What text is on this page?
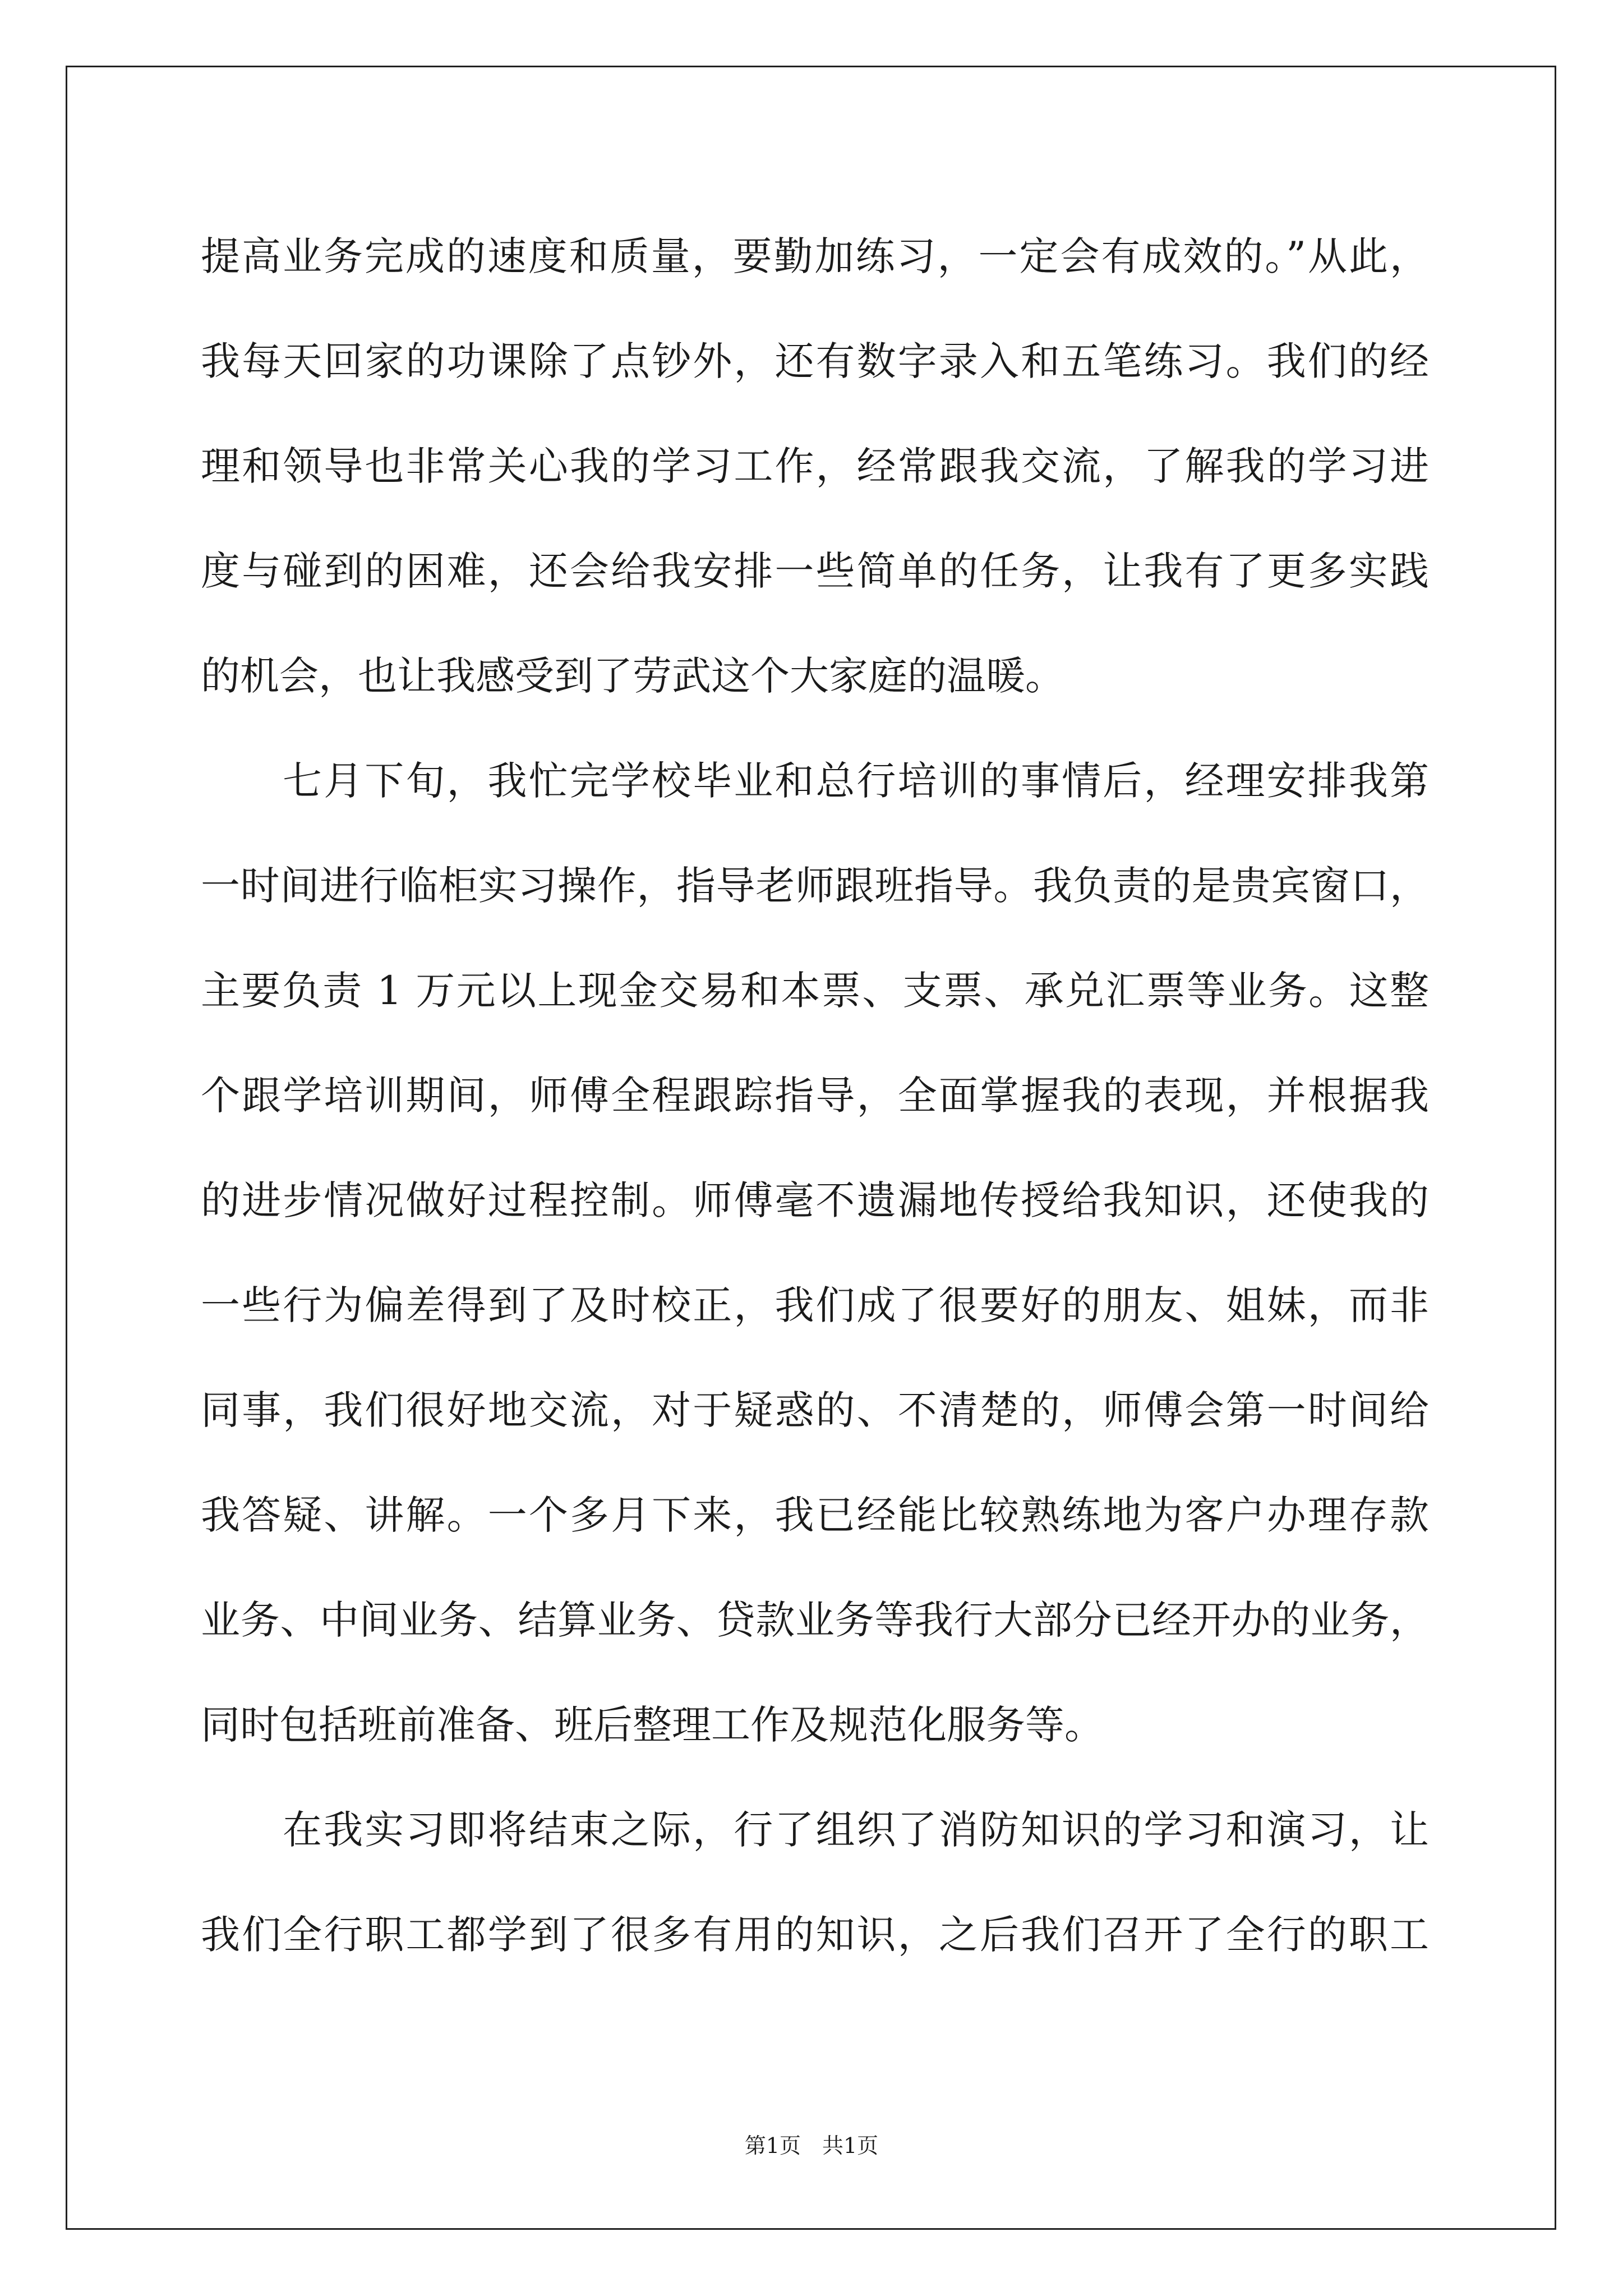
提高业务完成的速度和质量，要勤加练习，一定会有成效的。”从此，
我每天回家的功课除了点钞外，还有数字录入和五笔练习。我们的经
理和领导也非常关心我的学习工作，经常跟我交流，了解我的学习进
度与碰到的困难，还会给我安排一些简单的任务，让我有了更多实践
的机会，也让我感受到了劳武这个大家庭的温暖。
七月下旬，我忙完学校毕业和总行培训的事情后，经理安排我第
一时间进行临柜实习操作，指导老师跟班指导。我负责的是贵宾窗口，
主要负责 1 万元以上现金交易和本票、支票、承兑汇票等业务。这整
个跟学培训期间，师傅全程跟踪指导，全面掌握我的表现，并根据我
的进步情况做好过程控制。师傅毫不遗漏地传授给我知识，还使我的
一些行为偏差得到了及时校正，我们成了很要好的朋友、姐妹，而非
同事，我们很好地交流，对于疑惑的、不清楚的，师傅会第一时间给
我答疑、讲解。一个多月下来，我已经能比较熟练地为客户办理存款
业务、中间业务、结算业务、贷款业务等我行大部分已经开办的业务，
同时包括班前准备、班后整理工作及规范化服务等。
在我实习即将结束之际，行了组织了消防知识的学习和演习，让
我们全行职工都学到了很多有用的知识，之后我们召开了全行的职工
第1页　共1页
